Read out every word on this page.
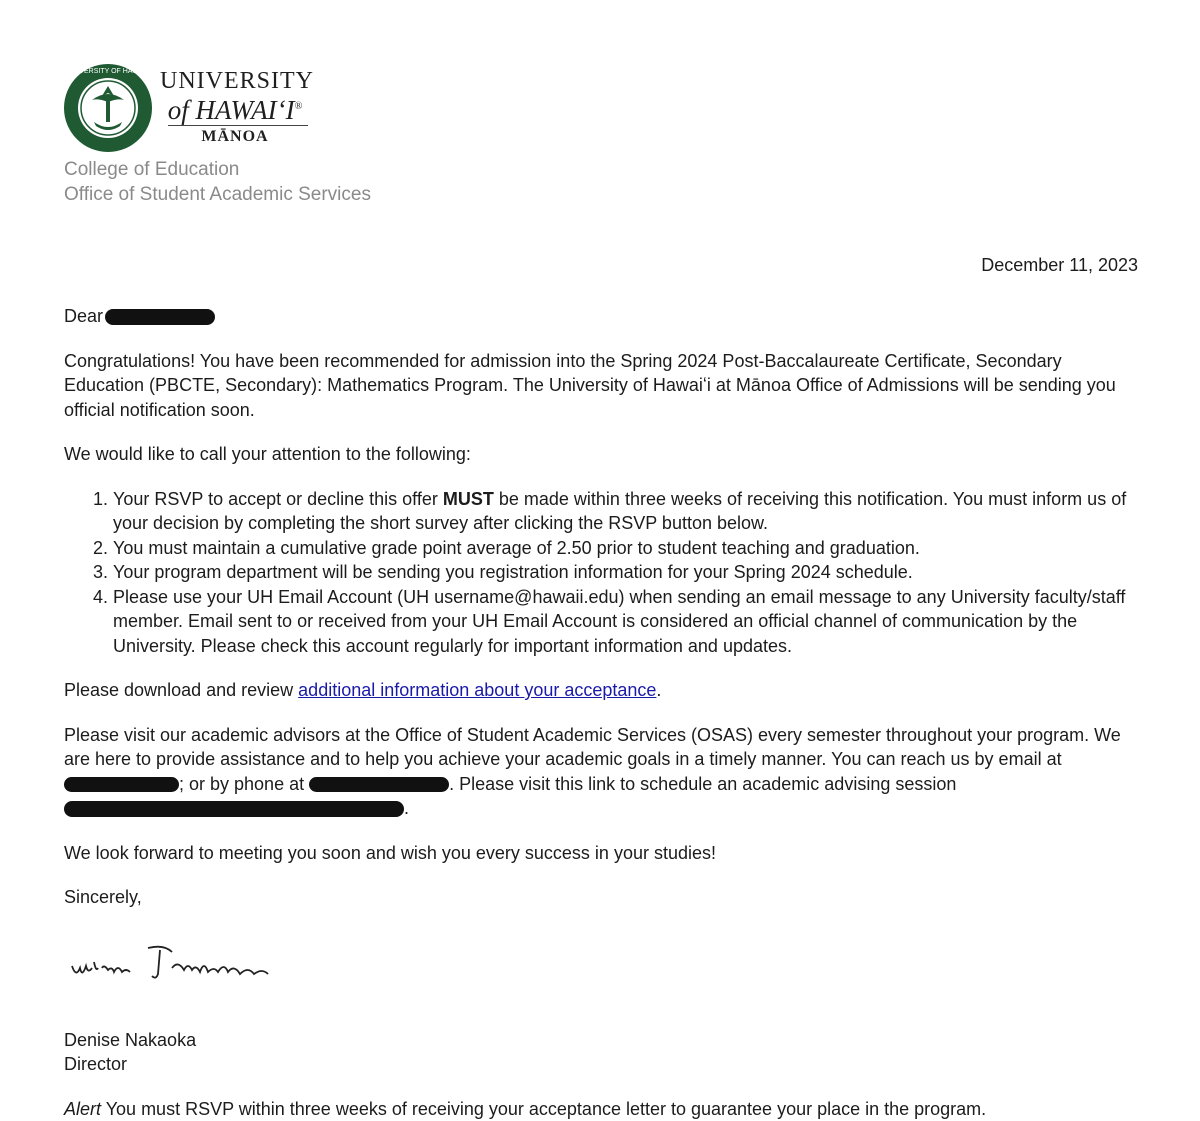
UNIVERSITY OF HAWAIʻI UNIVERSITY
of HAWAIʻI®
MĀNOA
College of Education
Office of Student Academic Services
December 11, 2023

Dear

Congratulations! You have been recommended for admission into the Spring 2024 Post-Baccalaureate Certificate, Secondary Education (PBCTE, Secondary): Mathematics Program. The University of Hawaiʻi at Mānoa Office of Admissions will be sending you official notification soon.

We would like to call your attention to the following:

1. Your RSVP to accept or decline this offer MUST be made within three weeks of receiving this notification. You must inform us of your decision by completing the short survey after clicking the RSVP button below.
2. You must maintain a cumulative grade point average of 2.50 prior to student teaching and graduation.
3. Your program department will be sending you registration information for your Spring 2024 schedule.
4. Please use your UH Email Account (UH username@hawaii.edu) when sending an email message to any University faculty/staff member. Email sent to or received from your UH Email Account is considered an official channel of communication by the University. Please check this account regularly for important information and updates.

Please download and review additional information about your acceptance.

Please visit our academic advisors at the Office of Student Academic Services (OSAS) every semester throughout your program. We are here to provide assistance and to help you achieve your academic goals in a timely manner. You can reach us by email at ; or by phone at	. Please visit this link to schedule an academic advising session .

We look forward to meeting you soon and wish you every success in your studies!

Sincerely,

Denise Nakaoka
Director
Alert You must RSVP within three weeks of receiving your acceptance letter to guarantee your place in the program.
